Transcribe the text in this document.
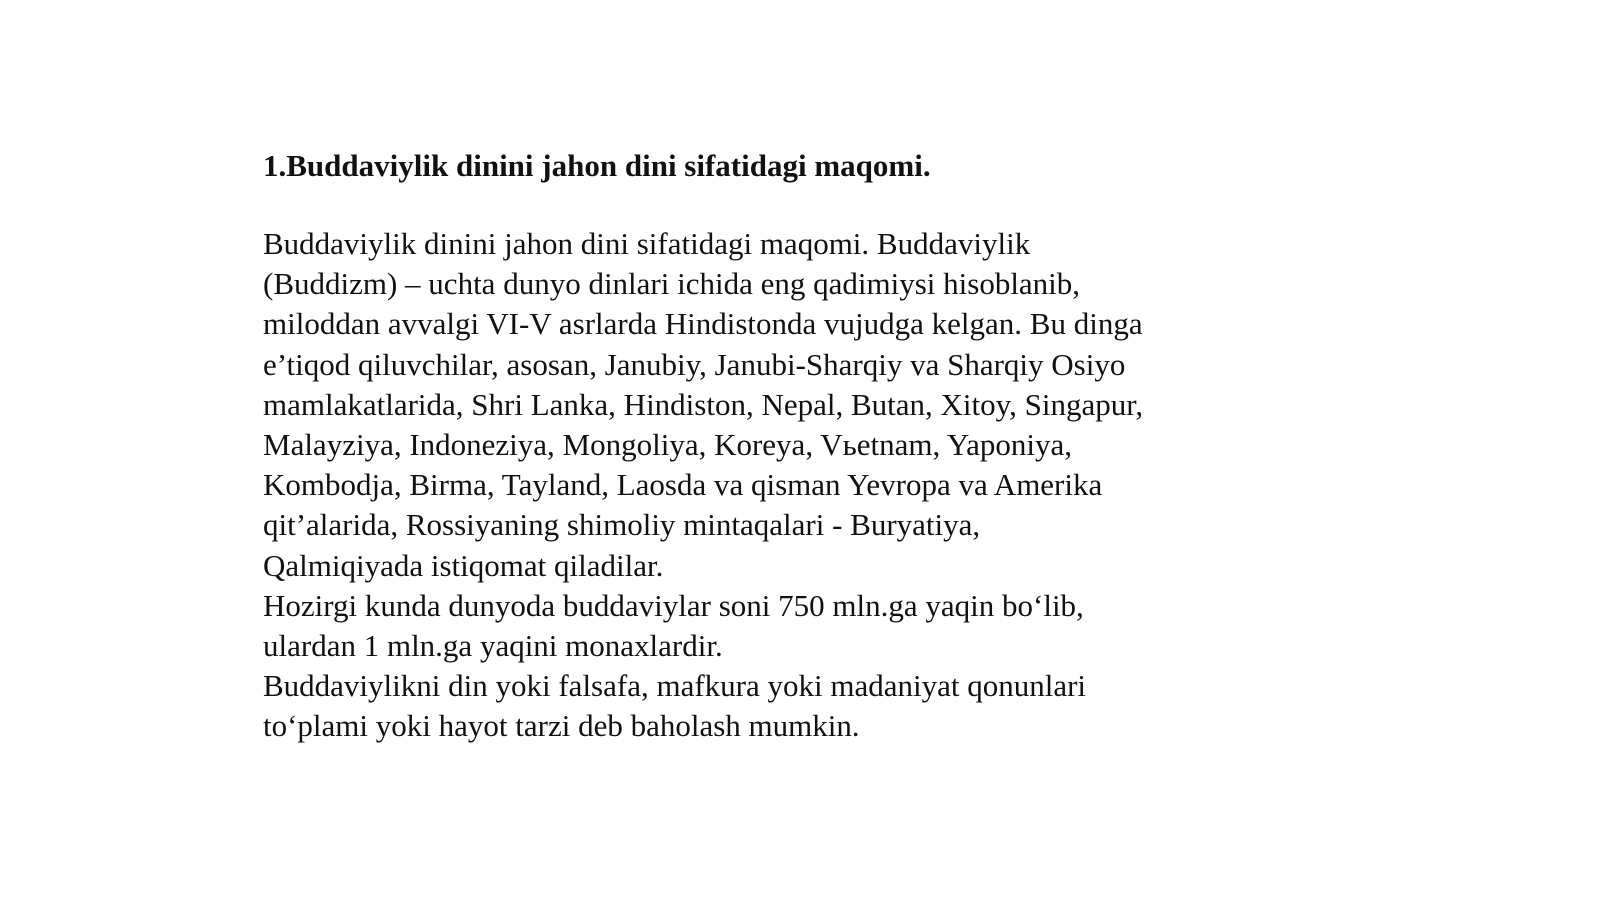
1.Buddaviylik dinini jahon dini sifatidagi maqomi.

Buddaviylik dinini jahon dini sifatidagi maqomi. Buddaviylik
(Buddizm) – uchta dunyo dinlari ichida eng qadimiysi hisoblanib,
miloddan avvalgi VI-V asrlarda Hindistonda vujudga kelgan. Bu dinga
e’tiqod qiluvchilar, asosan, Janubiy, Janubi-Sharqiy va Sharqiy Osiyo
mamlakatlarida, Shri Lanka, Hindiston, Nepal, Butan, Xitoy, Singapur,
Malayziya, Indoneziya, Mongoliya, Koreya, Vьetnam, Yaponiya,
Kombodja, Birma, Tayland, Laosda va qisman Yevropa va Amerika
qit’alarida, Rossiyaning shimoliy mintaqalari - Buryatiya,
Qalmiqiyada istiqomat qiladilar.

Hozirgi kunda dunyoda buddaviylar soni 750 mln.ga yaqin bo‘lib,
ulardan 1 mln.ga yaqini monaxlardir.

Buddaviylikni din yoki falsafa, mafkura yoki madaniyat qonunlari
to‘plami yoki hayot tarzi deb baholash mumkin.
